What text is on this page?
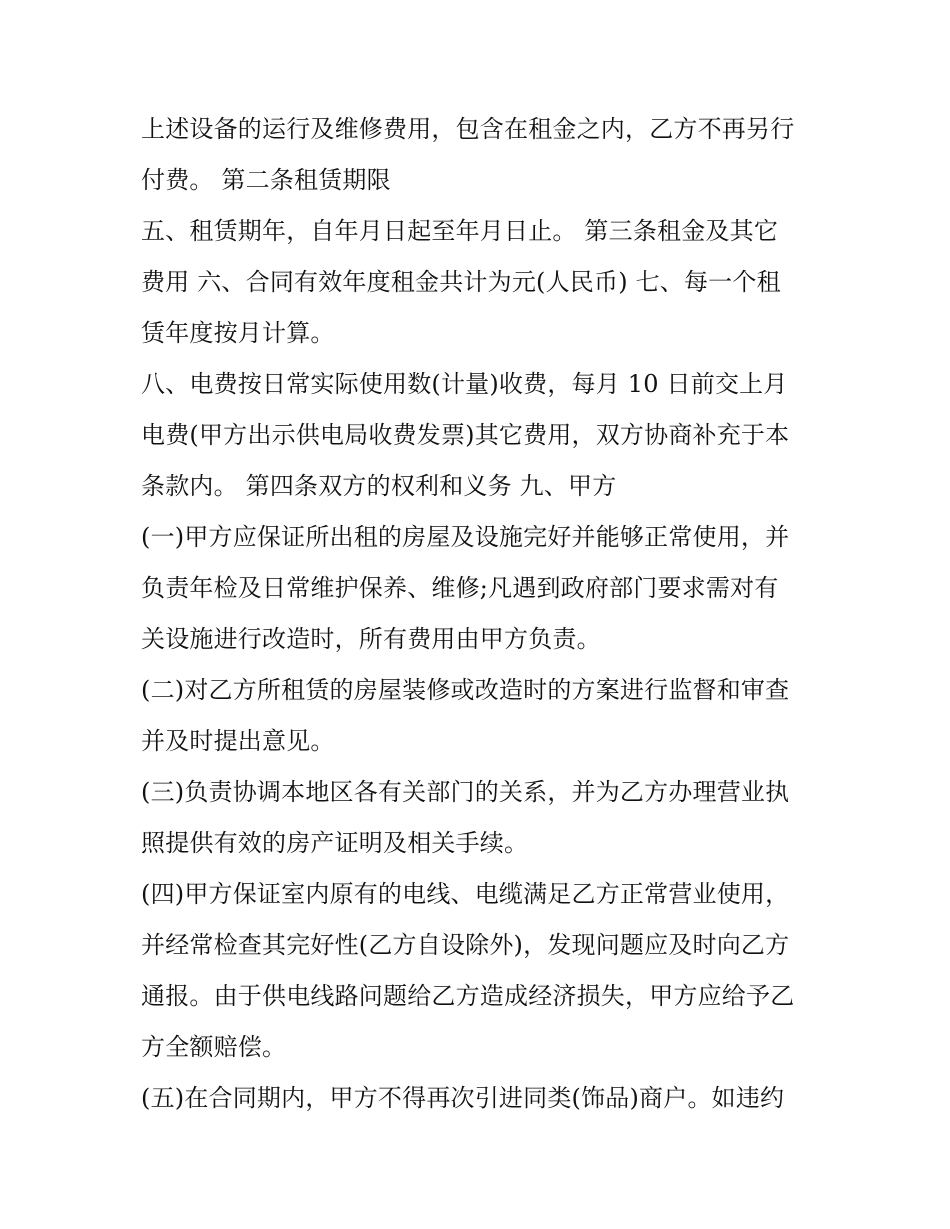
上述设备的运行及维修费用，包含在租金之内，乙方不再另行
付费。 第二条租赁期限
五、租赁期年，自年月日起至年月日止。 第三条租金及其它
费用 六、合同有效年度租金共计为元(人民币) 七、每一个租
赁年度按月计算。
八、电费按日常实际使用数(计量)收费，每月 10 日前交上月
电费(甲方出示供电局收费发票)其它费用，双方协商补充于本
条款内。 第四条双方的权利和义务 九、甲方
(一)甲方应保证所出租的房屋及设施完好并能够正常使用，并
负责年检及日常维护保养、维修;凡遇到政府部门要求需对有
关设施进行改造时，所有费用由甲方负责。
(二)对乙方所租赁的房屋装修或改造时的方案进行监督和审查
并及时提出意见。
(三)负责协调本地区各有关部门的关系，并为乙方办理营业执
照提供有效的房产证明及相关手续。
(四)甲方保证室内原有的电线、电缆满足乙方正常营业使用，
并经常检查其完好性(乙方自设除外)，发现问题应及时向乙方
通报。由于供电线路问题给乙方造成经济损失，甲方应给予乙
方全额赔偿。
(五)在合同期内，甲方不得再次引进同类(饰品)商户。如违约
